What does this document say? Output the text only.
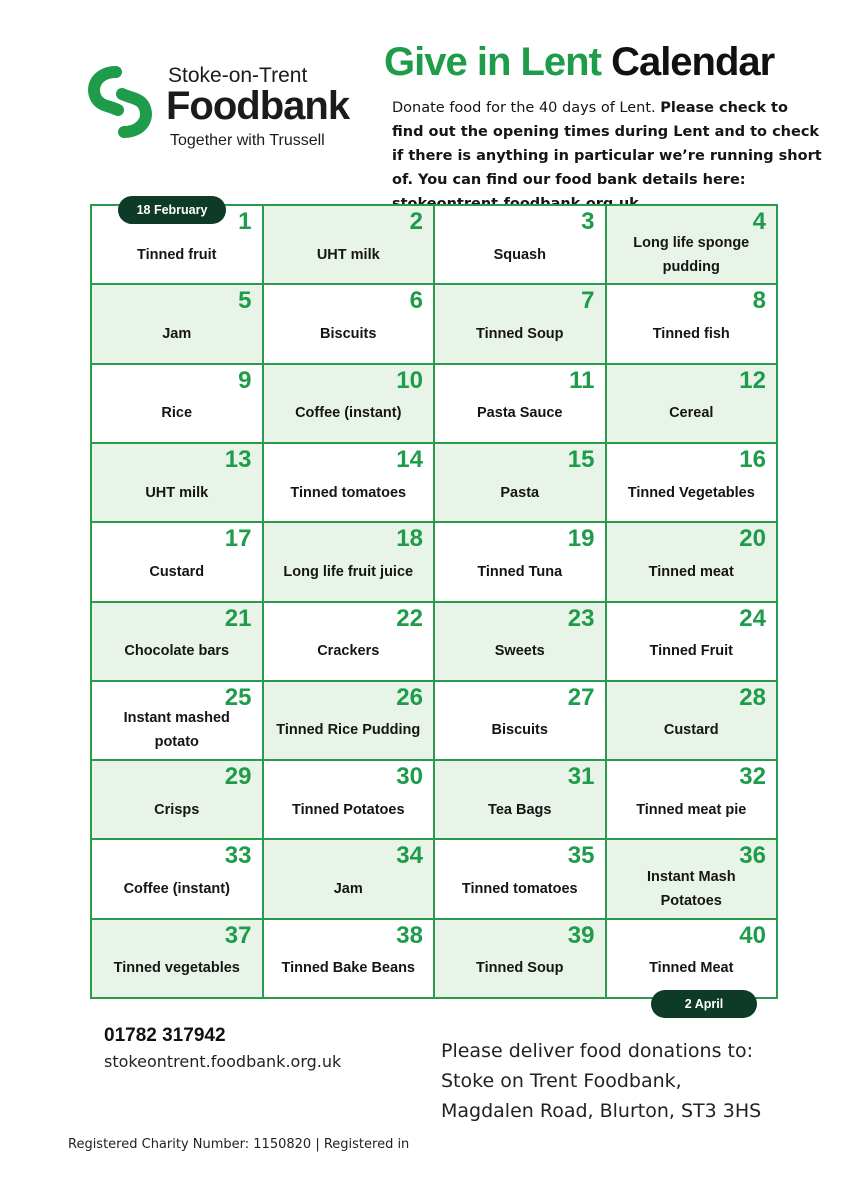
Stoke-on-Trent
Foodbank
Together with Trussell
Give in Lent Calendar
Donate food for the 40 days of Lent. Please check to find out the opening times during Lent and to check if there is anything in particular we’re running short of. You can find our food bank details here:
1
Tinned fruit
2
UHT milk
3
Squash
4
Long life sponge pudding
5
Jam
6
Biscuits
7
Tinned Soup
8
Tinned fish
9
Rice
10
Coffee (instant)
11
Pasta Sauce
12
Cereal
13
UHT milk
14
Tinned tomatoes
15
Pasta
16
Tinned Vegetables
17
Custard
18
Long life fruit juice
19
Tinned Tuna
20
Tinned meat
21
Chocolate bars
22
Crackers
23
Sweets
24
Tinned Fruit
25
Instant mashed potato
26
Tinned Rice Pudding
27
Biscuits
28
Custard
29
Crisps
30
Tinned Potatoes
31
Tea Bags
32
Tinned meat pie
33
Coffee (instant)
34
Jam
35
Tinned tomatoes
36
Instant Mash Potatoes
37
Tinned vegetables
38
Tinned Bake Beans
39
Tinned Soup
40
Tinned Meat
18 February
2 April
01782 317942
stokeontrent.foodbank.org.uk	Please deliver food donations to:
Stoke on Trent Foodbank,
Magdalen Road, Blurton, ST3 3HS
Registered Charity Number: 1150820 | Registered in
